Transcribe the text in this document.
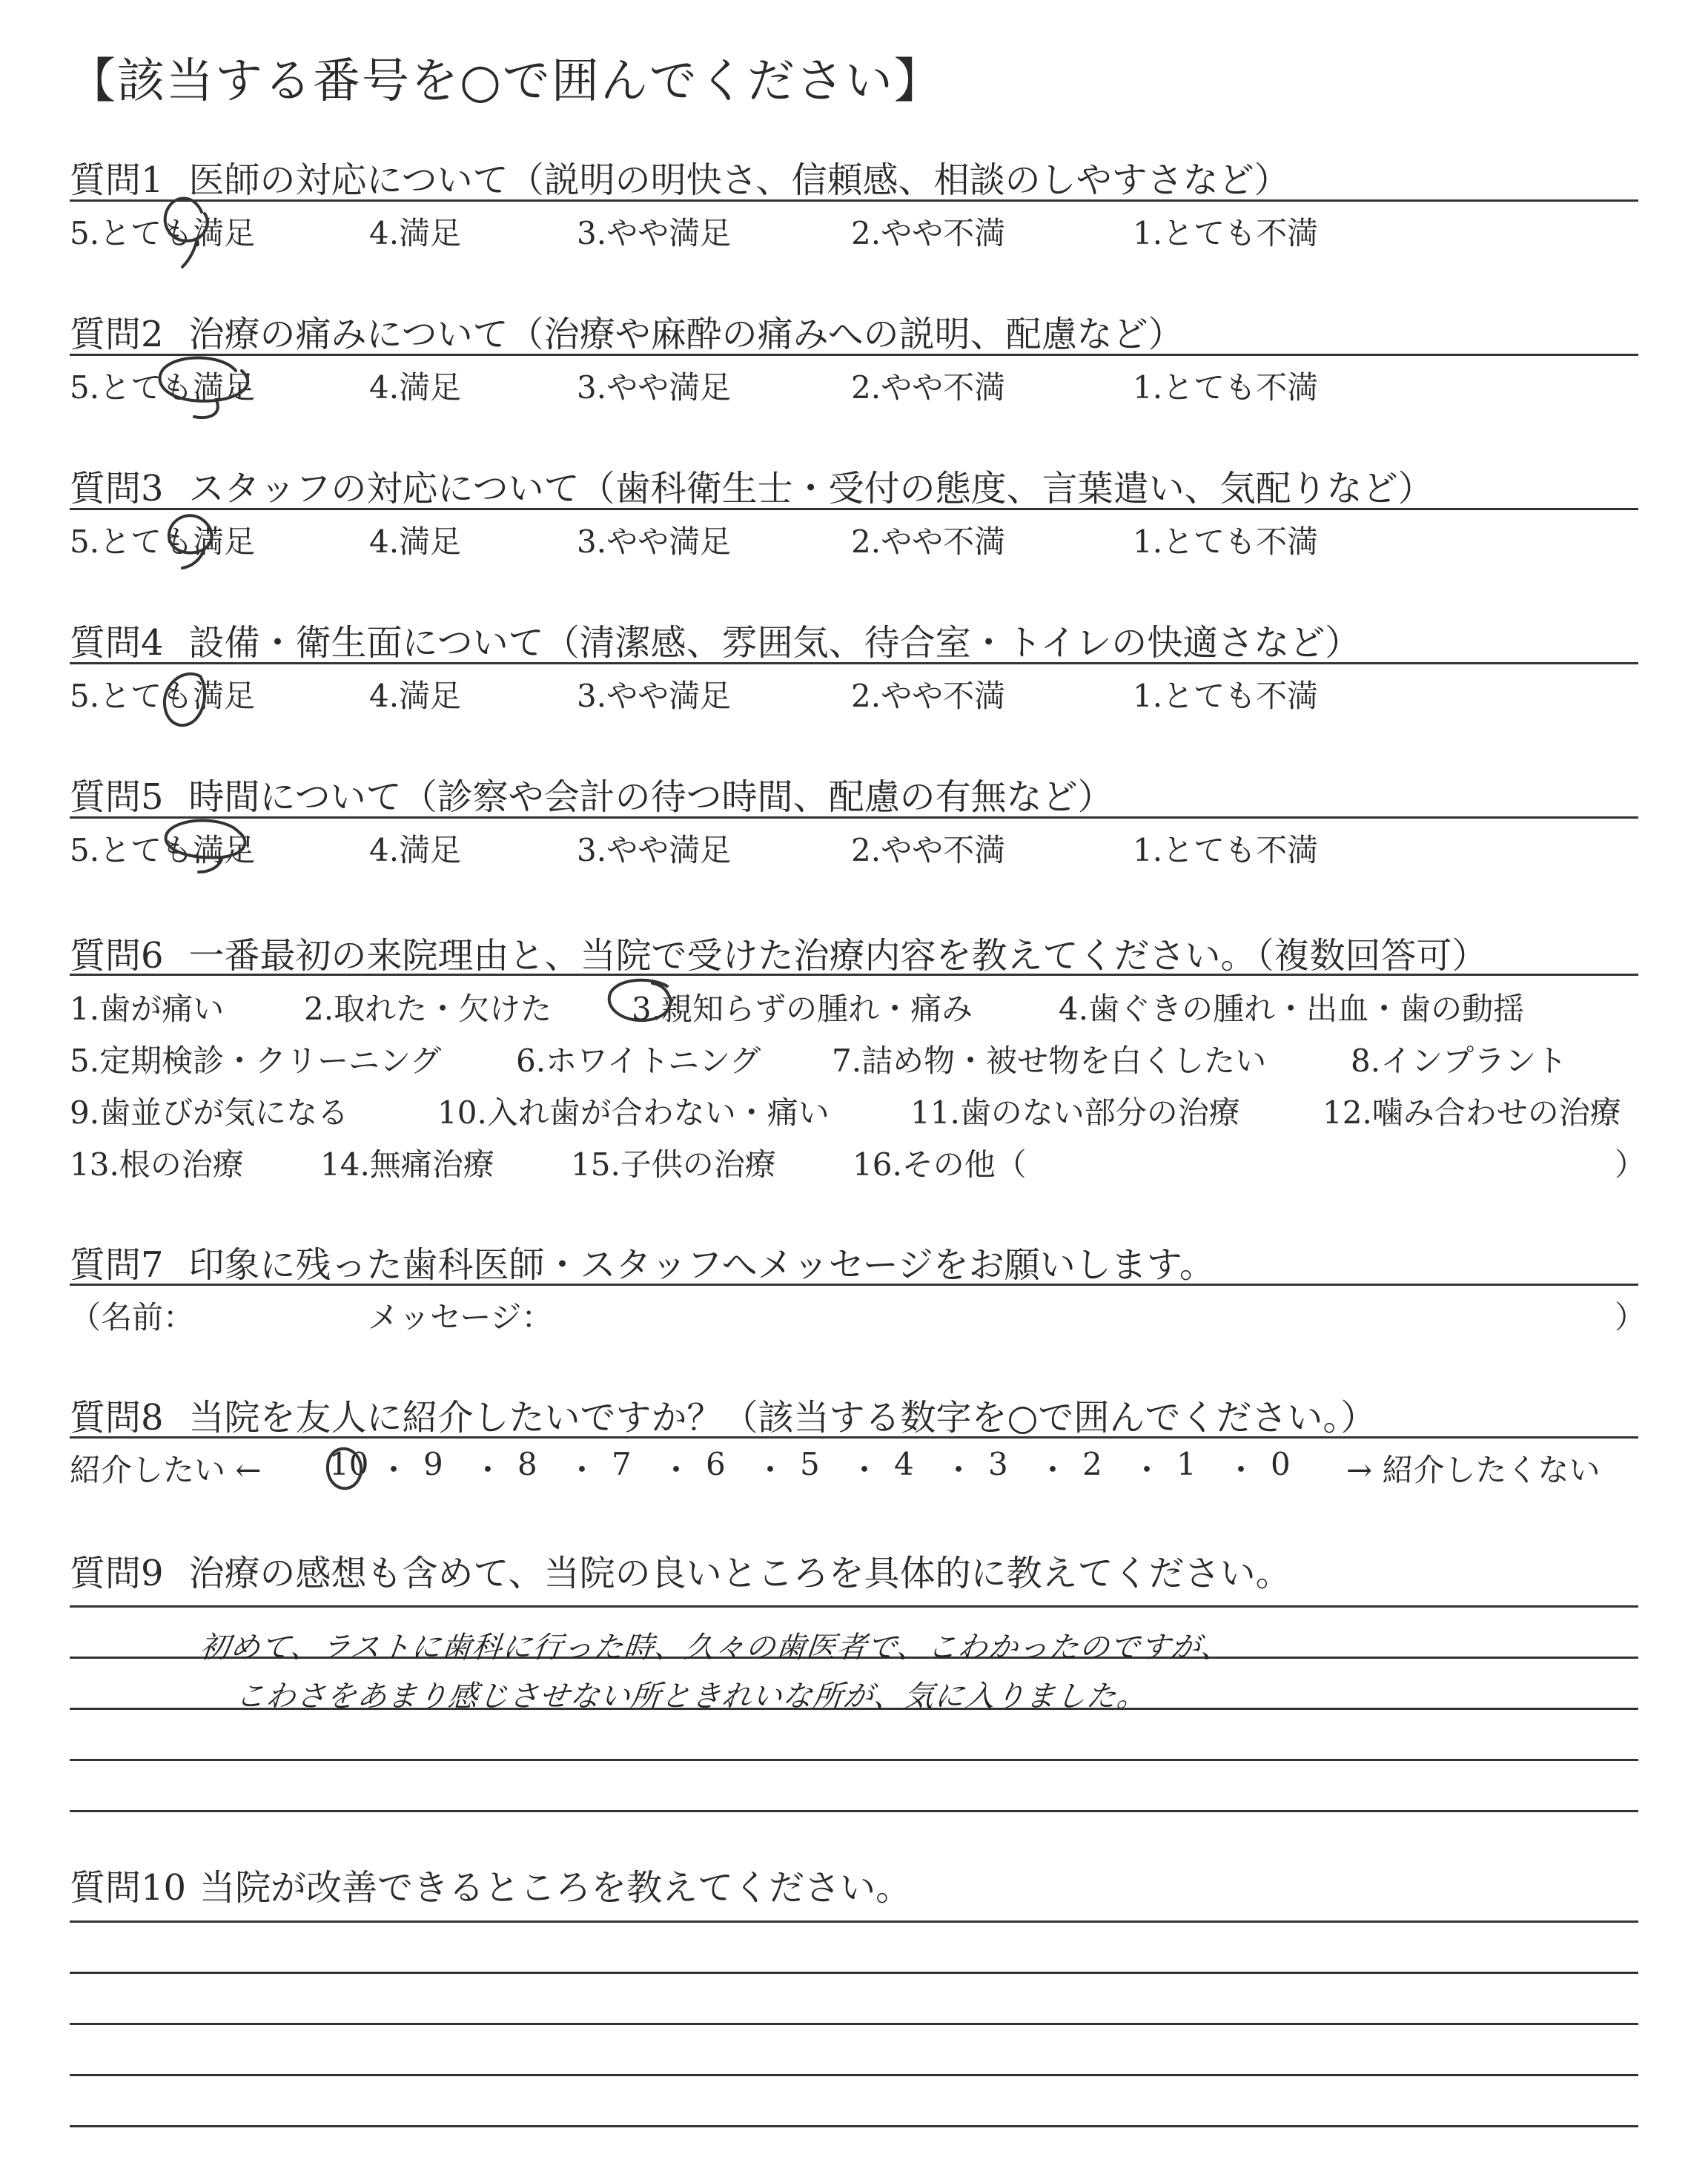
【該当する番号を○で囲んでください】
質問1 医師の対応について（説明の明快さ、信頼感、相談のしやすさなど）
5.とても満足	4.満足	3.やや満足	2.やや不満	1.とても不満
質問2 治療の痛みについて（治療や麻酔の痛みへの説明、配慮など）
5.とても満足	4.満足	3.やや満足	2.やや不満	1.とても不満
質問3 スタッフの対応について（歯科衛生士・受付の態度、言葉遣い、気配りなど）
5.とても満足	4.満足	3.やや満足	2.やや不満	1.とても不満
質問4 設備・衛生面について（清潔感、雰囲気、待合室・トイレの快適さなど）
5.とても満足	4.満足	3.やや満足	2.やや不満	1.とても不満
質問5 時間について（診察や会計の待つ時間、配慮の有無など）
5.とても満足	4.満足	3.やや満足	2.やや不満	1.とても不満
質問6 一番最初の来院理由と、当院で受けた治療内容を教えてください。（複数回答可）
1.歯が痛い	2.取れた・欠けた	3.親知らずの腫れ・痛み	4.歯ぐきの腫れ・出血・歯の動揺
5.定期検診・クリーニング 6.ホワイトニング 7.詰め物・被せ物を白くしたい	8.インプラント
9.歯並びが気になる	10.入れ歯が合わない・痛い	11.歯のない部分の治療	12.噛み合わせの治療
13.根の治療 14.無痛治療 15.子供の治療 16.その他（	）
質問7 印象に残った歯科医師・スタッフへメッセージをお願いします。
（名前：	メッセージ：	）
質問8 当院を友人に紹介したいですか？（該当する数字を○で囲んでください。）
紹介したい ← 10 ・ 9 ・ 8 ・ 7 ・ 6 ・ 5 ・ 4 ・ 3 ・ 2 ・ 1 ・ 0 → 紹介したくない
質問9 治療の感想も含めて、当院の良いところを具体的に教えてください。
初めて、ラストに歯科に行った時、久々の歯医者で、こわかったのですが、
こわさをあまり感じさせない所ときれいな所が、気に入りました。
質問10 当院が改善できるところを教えてください。
